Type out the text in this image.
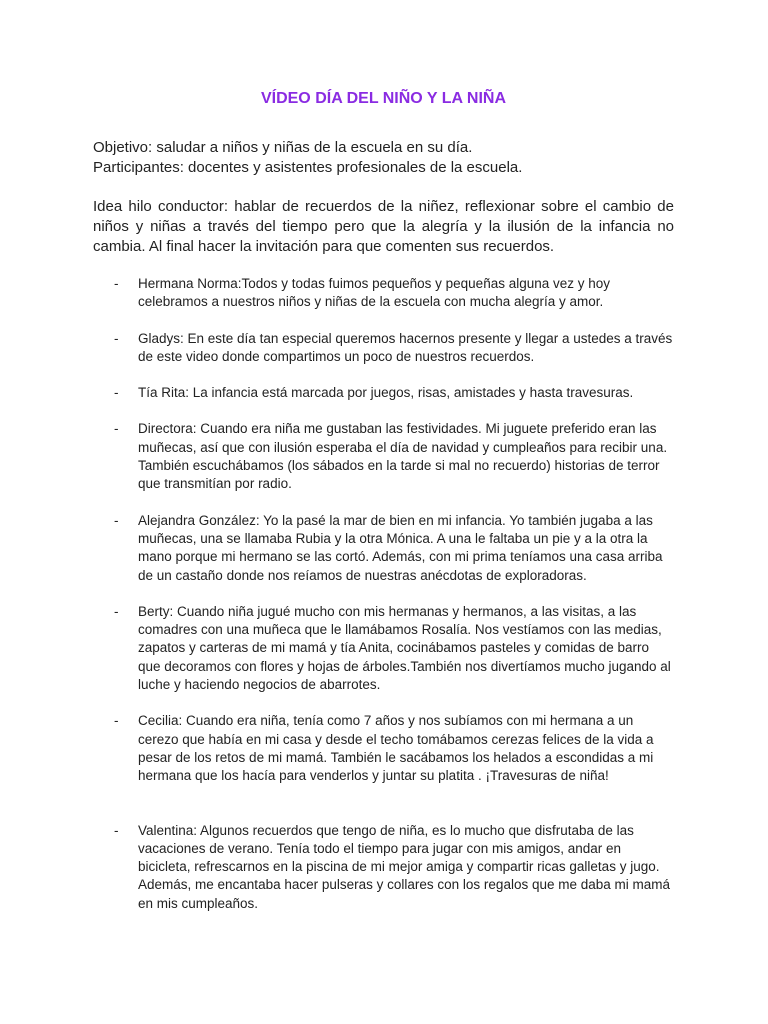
VÍDEO DÍA DEL NIÑO Y LA NIÑA

Objetivo: saludar a niños y niñas de la escuela en su día.

Participantes: docentes y asistentes profesionales de la escuela.

Idea hilo conductor: hablar de recuerdos de la niñez, reflexionar sobre el cambio de niños y niñas a través del tiempo pero que la alegría y la ilusión de la infancia no cambia. Al final hacer la invitación para que comenten sus recuerdos.

- Hermana Norma:Todos y todas fuimos pequeños y pequeñas alguna vez y hoy celebramos a nuestros niños y niñas de la escuela con mucha alegría y amor.
- Gladys: En este día tan especial queremos hacernos presente y llegar a ustedes a través de este video donde compartimos un poco de nuestros recuerdos.
- Tía Rita: La infancia está marcada por juegos, risas, amistades y hasta travesuras.
- Directora: Cuando era niña me gustaban las festividades. Mi juguete preferido eran las muñecas, así que con ilusión esperaba el día de navidad y cumpleaños para recibir una. También escuchábamos (los sábados en la tarde si mal no recuerdo) historias de terror que transmitían por radio.
- Alejandra González: Yo la pasé la mar de bien en mi infancia. Yo también jugaba a las muñecas, una se llamaba Rubia y la otra Mónica. A una le faltaba un pie y a la otra la mano porque mi hermano se las cortó. Además, con mi prima teníamos una casa arriba de un castaño donde nos reíamos de nuestras anécdotas de exploradoras.
- Berty: Cuando niña jugué mucho con mis hermanas y hermanos, a las visitas, a las comadres con una muñeca que le llamábamos Rosalía. Nos vestíamos con las medias, zapatos y carteras de mi mamá y tía Anita, cocinábamos pasteles y comidas de barro que decoramos con flores y hojas de árboles.También nos divertíamos mucho jugando al luche y haciendo negocios de abarrotes.
- Cecilia: Cuando era niña, tenía como 7 años y nos subíamos con mi hermana a un cerezo que había en mi casa y desde el techo tomábamos cerezas felices de la vida a pesar de los retos de mi mamá. También le sacábamos los helados a escondidas a mi hermana que los hacía para venderlos y juntar su platita . ¡Travesuras de niña!
- Valentina: Algunos recuerdos que tengo de niña, es lo mucho que disfrutaba de las vacaciones de verano. Tenía todo el tiempo para jugar con mis amigos, andar en bicicleta, refrescarnos en la piscina de mi mejor amiga y compartir ricas galletas y jugo. Además, me encantaba hacer pulseras y collares con los regalos que me daba mi mamá en mis cumpleaños.
